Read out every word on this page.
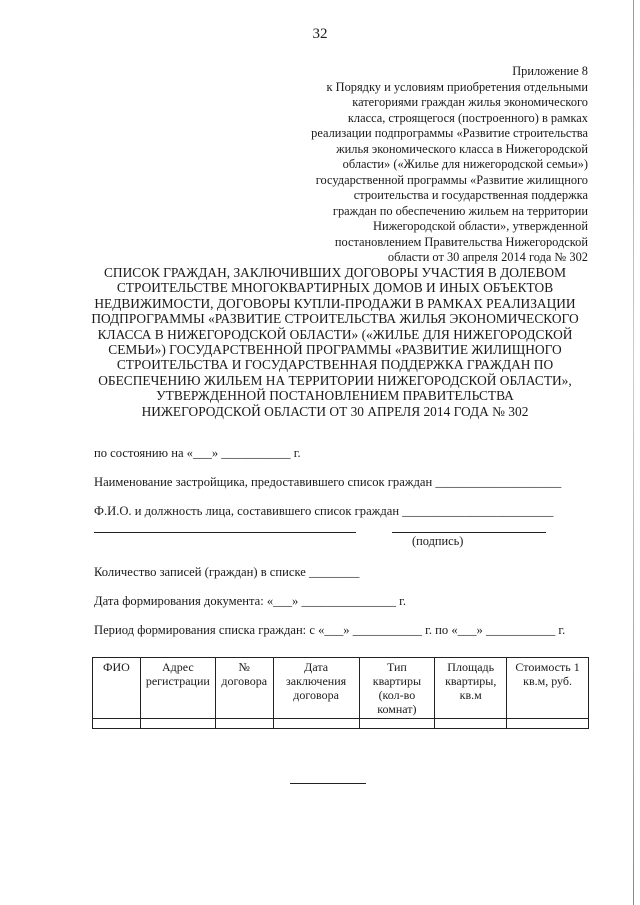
32
Приложение 8
к Порядку и условиям приобретения отдельными
категориями граждан жилья экономического
класса, строящегося (построенного) в рамках
реализации подпрограммы «Развитие строительства
жилья экономического класса в Нижегородской
области» («Жилье для нижегородской семьи»)
государственной программы «Развитие жилищного
строительства и государственная поддержка
граждан по обеспечению жильем на территории
Нижегородской области», утвержденной
постановлением Правительства Нижегородской
области от 30 апреля 2014 года № 302
СПИСОК ГРАЖДАН, ЗАКЛЮЧИВШИХ ДОГОВОРЫ УЧАСТИЯ В ДОЛЕВОМ
СТРОИТЕЛЬСТВЕ МНОГОКВАРТИРНЫХ ДОМОВ И ИНЫХ ОБЪЕКТОВ
НЕДВИЖИМОСТИ, ДОГОВОРЫ КУПЛИ-ПРОДАЖИ В РАМКАХ РЕАЛИЗАЦИИ
ПОДПРОГРАММЫ «РАЗВИТИЕ СТРОИТЕЛЬСТВА ЖИЛЬЯ ЭКОНОМИЧЕСКОГО
КЛАССА В НИЖЕГОРОДСКОЙ ОБЛАСТИ» («ЖИЛЬЕ ДЛЯ НИЖЕГОРОДСКОЙ
СЕМЬИ») ГОСУДАРСТВЕННОЙ ПРОГРАММЫ «РАЗВИТИЕ ЖИЛИЩНОГО
СТРОИТЕЛЬСТВА И ГОСУДАРСТВЕННАЯ ПОДДЕРЖКА ГРАЖДАН ПО
ОБЕСПЕЧЕНИЮ ЖИЛЬЕМ НА ТЕРРИТОРИИ НИЖЕГОРОДСКОЙ ОБЛАСТИ»,
УТВЕРЖДЕННОЙ ПОСТАНОВЛЕНИЕМ ПРАВИТЕЛЬСТВА
НИЖЕГОРОДСКОЙ ОБЛАСТИ ОТ 30 АПРЕЛЯ 2014 ГОДА № 302
по состоянию на «___» ___________ г.
Наименование застройщика, предоставившего список граждан ____________________
Ф.И.О. и должность лица, составившего список граждан ________________________
(подпись)
Количество записей (граждан) в списке ________
Дата формирования документа: «___» _______________ г.
Период формирования списка граждан: с «___» ___________ г. по «___» ___________ г.
ФИО	Адрес регистрации	№ договора	Дата заключения договора	Тип квартиры (кол-во комнат)	Площадь квартиры, кв.м	Стоимость 1 кв.м, руб.
